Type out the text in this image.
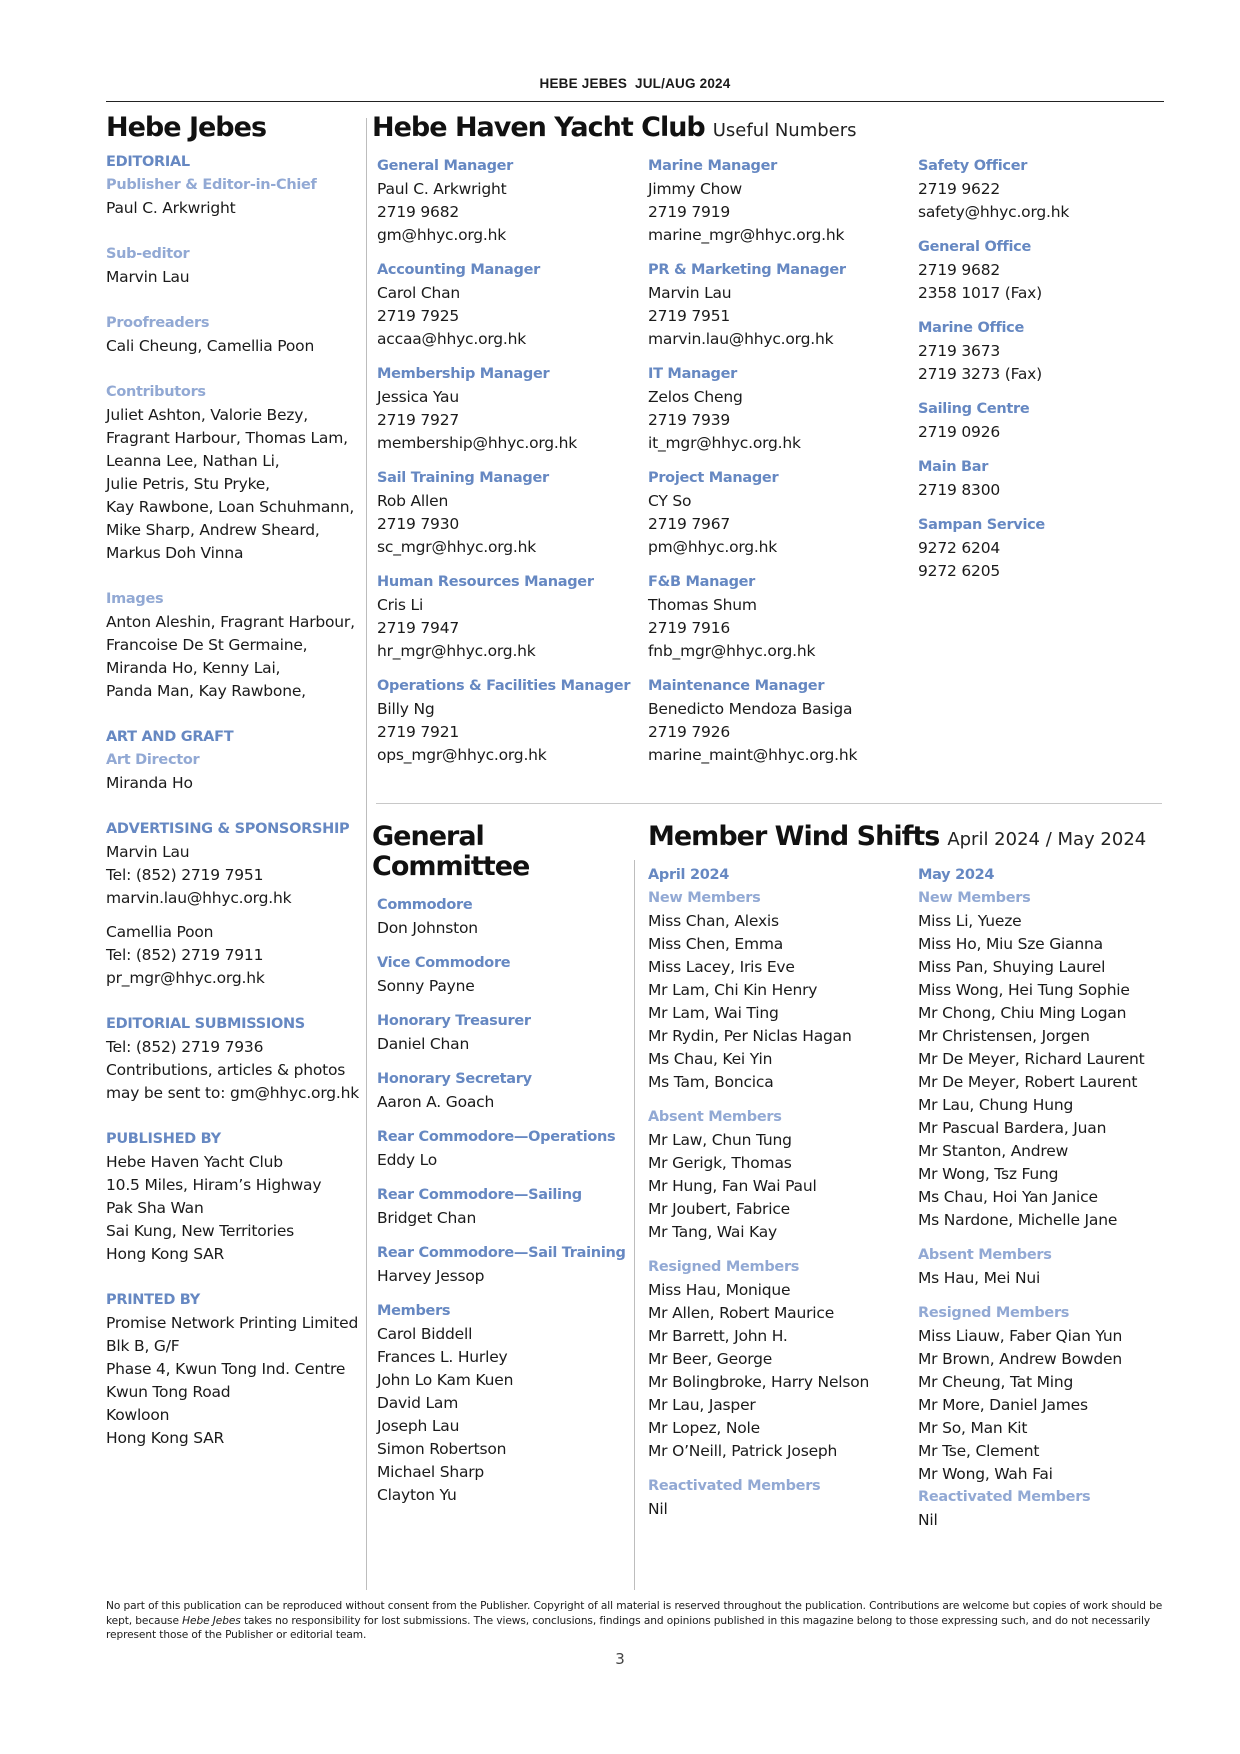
HEBE JEBES JUL/AUG 2024
Hebe Jebes
EDITORIAL
Publisher & Editor-in-Chief
Paul C. Arkwright
Sub-editor
Marvin Lau
Proofreaders
Cali Cheung, Camellia Poon
Contributors
Juliet Ashton, Valorie Bezy,
Fragrant Harbour, Thomas Lam,
Leanna Lee, Nathan Li,
Julie Petris, Stu Pryke,
Kay Rawbone, Loan Schuhmann,
Mike Sharp, Andrew Sheard,
Markus Doh Vinna
Images
Anton Aleshin, Fragrant Harbour,
Francoise De St Germaine,
Miranda Ho, Kenny Lai,
Panda Man, Kay Rawbone,
ART AND GRAFT
Art Director
Miranda Ho
ADVERTISING & SPONSORSHIP
Marvin Lau
Tel: (852) 2719 7951
marvin.lau@hhyc.org.hk
Camellia Poon
Tel: (852) 2719 7911
pr_mgr@hhyc.org.hk
EDITORIAL SUBMISSIONS
Tel: (852) 2719 7936
Contributions, articles & photos
may be sent to: gm@hhyc.org.hk
PUBLISHED BY
Hebe Haven Yacht Club
10.5 Miles, Hiram’s Highway
Pak Sha Wan
Sai Kung, New Territories
Hong Kong SAR
PRINTED BY
Promise Network Printing Limited
Blk B, G/F
Phase 4, Kwun Tong Ind. Centre
Kwun Tong Road
Kowloon
Hong Kong SAR
Hebe Haven Yacht Club Useful Numbers
General Manager
Paul C. Arkwright
2719 9682
gm@hhyc.org.hk
Accounting Manager
Carol Chan
2719 7925
accaa@hhyc.org.hk
Membership Manager
Jessica Yau
2719 7927
membership@hhyc.org.hk
Sail Training Manager
Rob Allen
2719 7930
sc_mgr@hhyc.org.hk
Human Resources Manager
Cris Li
2719 7947
hr_mgr@hhyc.org.hk
Operations & Facilities Manager
Billy Ng
2719 7921
ops_mgr@hhyc.org.hk
Marine Manager
Jimmy Chow
2719 7919
marine_mgr@hhyc.org.hk
PR & Marketing Manager
Marvin Lau
2719 7951
marvin.lau@hhyc.org.hk
IT Manager
Zelos Cheng
2719 7939
it_mgr@hhyc.org.hk
Project Manager
CY So
2719 7967
pm@hhyc.org.hk
F&B Manager
Thomas Shum
2719 7916
fnb_mgr@hhyc.org.hk
Maintenance Manager
Benedicto Mendoza Basiga
2719 7926
marine_maint@hhyc.org.hk
Safety Officer
2719 9622
safety@hhyc.org.hk
General Office
2719 9682
2358 1017 (Fax)
Marine Office
2719 3673
2719 3273 (Fax)
Sailing Centre
2719 0926
Main Bar
2719 8300
Sampan Service
9272 6204
9272 6205
General Committee
Commodore
Don Johnston
Vice Commodore
Sonny Payne
Honorary Treasurer
Daniel Chan
Honorary Secretary
Aaron A. Goach
Rear Commodore—Operations
Eddy Lo
Rear Commodore—Sailing
Bridget Chan
Rear Commodore—Sail Training
Harvey Jessop
Members
Carol Biddell
Frances L. Hurley
John Lo Kam Kuen
David Lam
Joseph Lau
Simon Robertson
Michael Sharp
Clayton Yu
Member Wind Shifts April 2024 / May 2024
April 2024
New Members
Miss Chan, Alexis
Miss Chen, Emma
Miss Lacey, Iris Eve
Mr Lam, Chi Kin Henry
Mr Lam, Wai Ting
Mr Rydin, Per Niclas Hagan
Ms Chau, Kei Yin
Ms Tam, Boncica
Absent Members
Mr Law, Chun Tung
Mr Gerigk, Thomas
Mr Hung, Fan Wai Paul
Mr Joubert, Fabrice
Mr Tang, Wai Kay
Resigned Members
Miss Hau, Monique
Mr Allen, Robert Maurice
Mr Barrett, John H.
Mr Beer, George
Mr Bolingbroke, Harry Nelson
Mr Lau, Jasper
Mr Lopez, Nole
Mr O’Neill, Patrick Joseph
Reactivated Members
Nil
May 2024
New Members
Miss Li, Yueze
Miss Ho, Miu Sze Gianna
Miss Pan, Shuying Laurel
Miss Wong, Hei Tung Sophie
Mr Chong, Chiu Ming Logan
Mr Christensen, Jorgen
Mr De Meyer, Richard Laurent
Mr De Meyer, Robert Laurent
Mr Lau, Chung Hung
Mr Pascual Bardera, Juan
Mr Stanton, Andrew
Mr Wong, Tsz Fung
Ms Chau, Hoi Yan Janice
Ms Nardone, Michelle Jane
Absent Members
Ms Hau, Mei Nui
Resigned Members
Miss Liauw, Faber Qian Yun
Mr Brown, Andrew Bowden
Mr Cheung, Tat Ming
Mr More, Daniel James
Mr So, Man Kit
Mr Tse, Clement
Mr Wong, Wah Fai
Reactivated Members
Nil
No part of this publication can be reproduced without consent from the Publisher. Copyright of all material is reserved throughout the publication. Contributions are welcome but copies of work should be kept, because Hebe Jebes takes no responsibility for lost submissions. The views, conclusions, findings and opinions published in this magazine belong to those expressing such, and do not necessarily represent those of the Publisher or editorial team.
3
